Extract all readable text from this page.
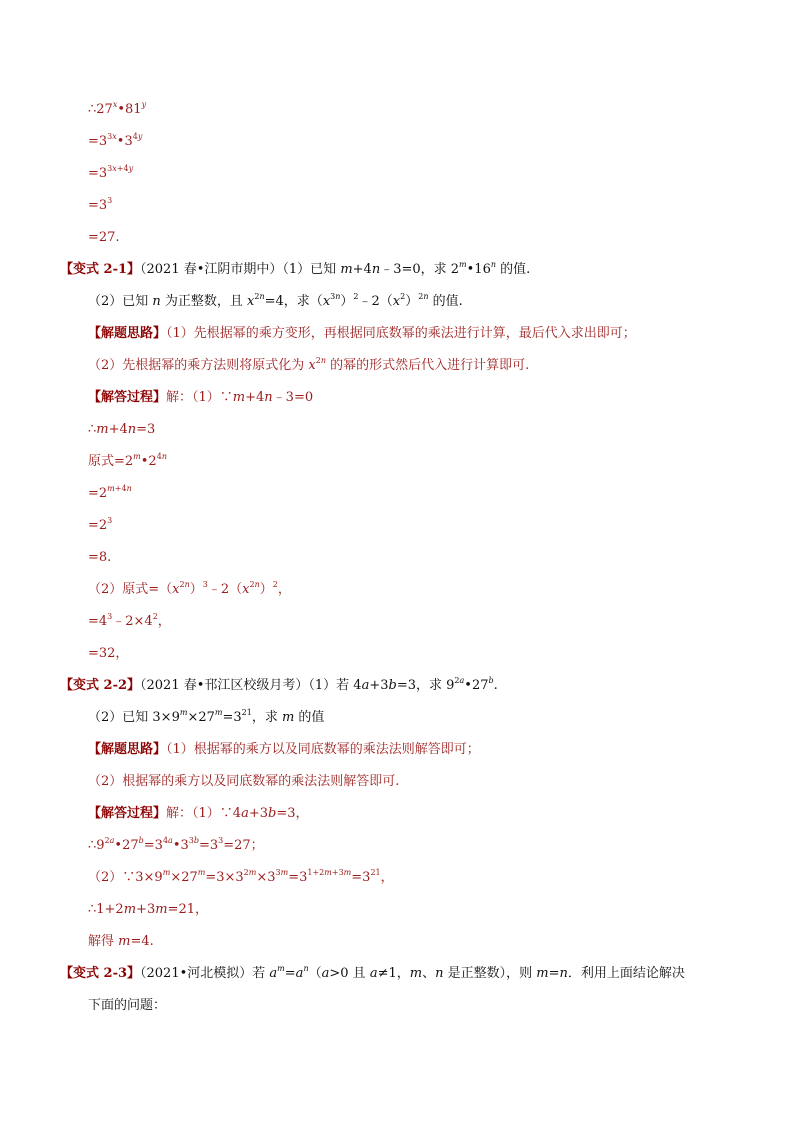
$\therefore 27^x•81^y$
$=3^{3x}•3^{4y}$
$=3^{3x+4y}$
$=3^3$
=27.
【变式 2-1】（2021 春•江阴市期中）（1）已知 m+4n﹣3=0，求 2$^m$•16$^n$ 的值.
（2）已知 n 为正整数，且 $x^{2n}=4$，求$(x^{3n})^2﹣2(x^2)^{2n}$ 的值.
【解题思路】（1）先根据幂的乘方变形，再根据同底数幂的乘法进行计算，最后代入求出即可；
（2）先根据幂的乘方法则将原式化为 $x^{2n}$ 的幂的形式然后代入进行计算即可.
【解答过程】解：（1）∵m+4n﹣3=0
∴m+4n=3
原式$=2^m•2^{4n}$
$=2^{m+4n}$
$=2^3$
=8.
（2）原式$=(x^{2n})^3﹣2(x^{2n})^2$，
$=4^3﹣2\times 4^2$，
=32，
【变式 2-2】（2021 春•邗江区校级月考）（1）若 4a+3b=3，求 $9^{2a}•27^b$.
（2）已知 $3\times 9^m\times 27^m=3^{21}$，求 m 的值
【解题思路】（1）根据幂的乘方以及同底数幂的乘法法则解答即可；
（2）根据幂的乘方以及同底数幂的乘法法则解答即可.
【解答过程】解：（1）∵4a+3b=3，
$\therefore 9^{2a}•27^b=3^{4a}•3^{3b}=3^3=27$；
$(2)\because 3\times 9^m\times 27^m=3\times 3^{2m}\times 3^{3m}=3^{1+2m+3m}=3^{21}$，
∴1+2m+3m=21，
解得 m=4.
【变式 2-3】（2021•河北模拟）若 $a^m=a^n(a>0$ 且 a≠1，m、n 是正整数），则 m=n．利用上面结论解决
下面的问题：
